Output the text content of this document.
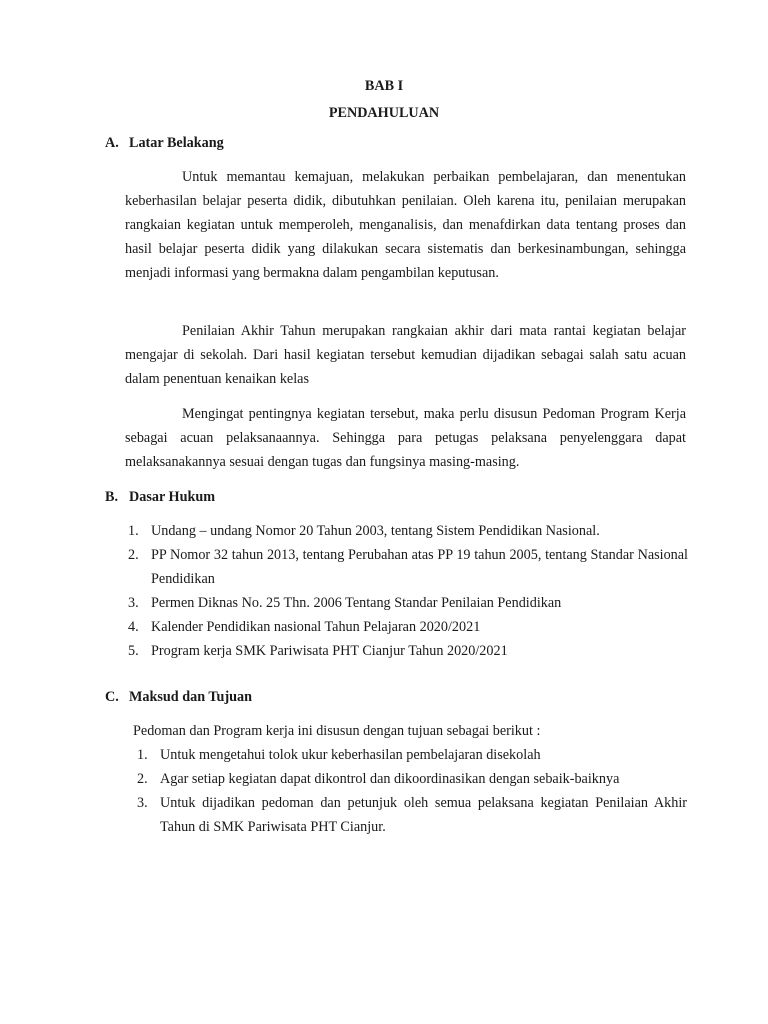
BAB I
PENDAHULUAN
A. Latar Belakang

Untuk memantau kemajuan, melakukan perbaikan pembelajaran, dan menentukan keberhasilan belajar peserta didik, dibutuhkan penilaian. Oleh karena itu, penilaian merupakan rangkaian kegiatan untuk memperoleh, menganalisis, dan menafdirkan data tentang proses dan hasil belajar peserta didik yang dilakukan secara sistematis dan berkesinambungan, sehingga menjadi informasi yang bermakna dalam pengambilan keputusan.

Penilaian Akhir Tahun merupakan rangkaian akhir dari mata rantai kegiatan belajar mengajar di sekolah. Dari hasil kegiatan tersebut kemudian dijadikan sebagai salah satu acuan dalam penentuan kenaikan kelas

Mengingat pentingnya kegiatan tersebut, maka perlu disusun Pedoman Program Kerja sebagai acuan pelaksanaannya. Sehingga para petugas pelaksana penyelenggara dapat melaksanakannya sesuai dengan tugas dan fungsinya masing-masing.

B. Dasar Hukum
1. Undang – undang Nomor 20 Tahun 2003, tentang Sistem Pendidikan Nasional.
2. PP Nomor 32 tahun 2013, tentang Perubahan atas PP 19 tahun 2005, tentang Standar Nasional Pendidikan
3. Permen Diknas No. 25 Thn. 2006 Tentang Standar Penilaian Pendidikan
4. Kalender Pendidikan nasional Tahun Pelajaran 2020/2021
5. Program kerja SMK Pariwisata PHT Cianjur Tahun 2020/2021
C. Maksud dan Tujuan
Pedoman dan Program kerja ini disusun dengan tujuan sebagai berikut :
1. Untuk mengetahui tolok ukur keberhasilan pembelajaran disekolah
2. Agar setiap kegiatan dapat dikontrol dan dikoordinasikan dengan sebaik-baiknya
3. Untuk dijadikan pedoman dan petunjuk oleh semua pelaksana kegiatan Penilaian Akhir Tahun di SMK Pariwisata PHT Cianjur.
